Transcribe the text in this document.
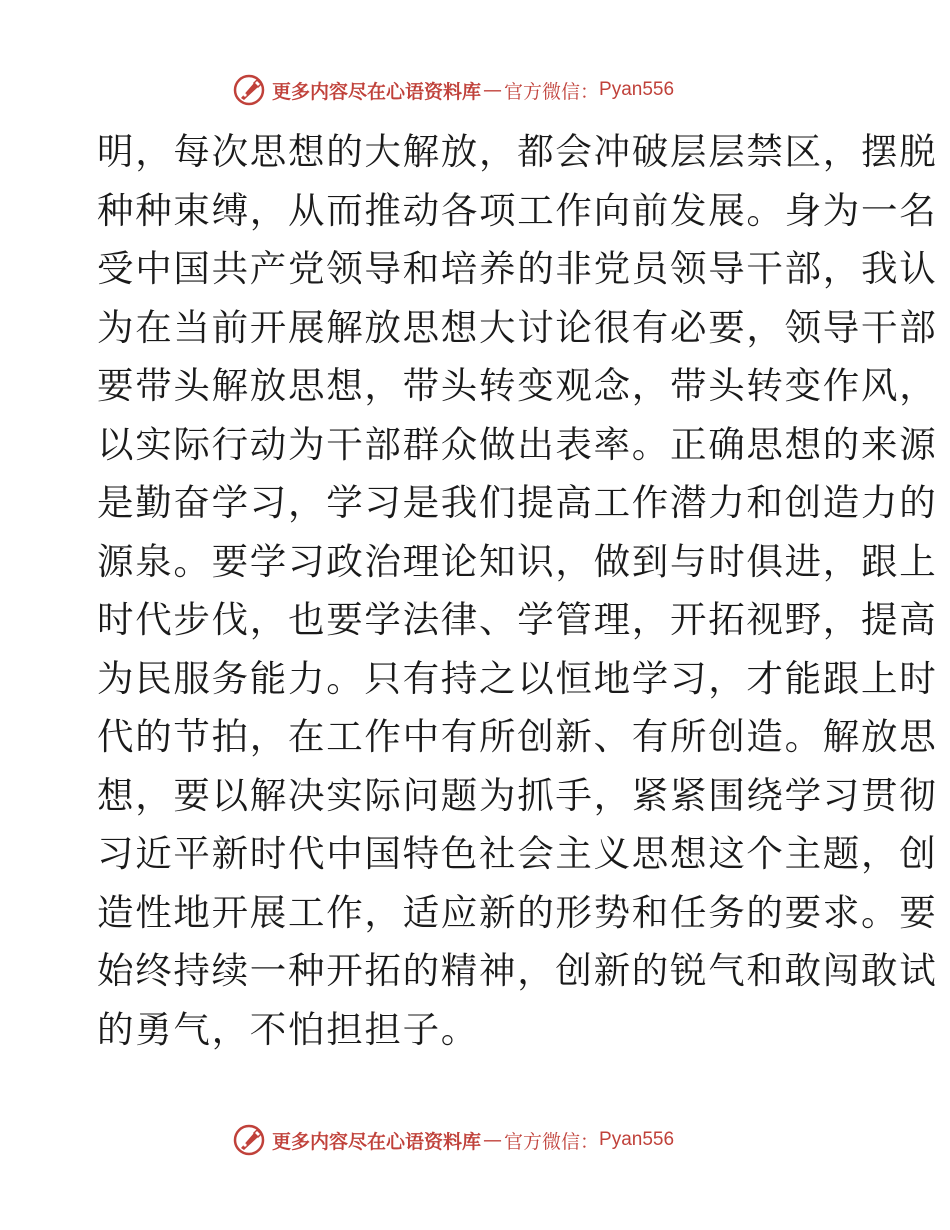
更多内容尽在心语资料库 — 官方微信： Pyan556
明，每次思想的大解放，都会冲破层层禁区，摆脱
种种束缚，从而推动各项工作向前发展。身为一名
受中国共产党领导和培养的非党员领导干部，我认
为在当前开展解放思想大讨论很有必要，领导干部
要带头解放思想，带头转变观念，带头转变作风，
以实际行动为干部群众做出表率。正确思想的来源
是勤奋学习，学习是我们提高工作潜力和创造力的
源泉。要学习政治理论知识，做到与时俱进，跟上
时代步伐，也要学法律、学管理，开拓视野，提高
为民服务能力。只有持之以恒地学习，才能跟上时
代的节拍，在工作中有所创新、有所创造。解放思
想，要以解决实际问题为抓手，紧紧围绕学习贯彻
习近平新时代中国特色社会主义思想这个主题，创
造性地开展工作，适应新的形势和任务的要求。要
始终持续一种开拓的精神，创新的锐气和敢闯敢试
的勇气，不怕担担子。
更多内容尽在心语资料库 — 官方微信： Pyan556
